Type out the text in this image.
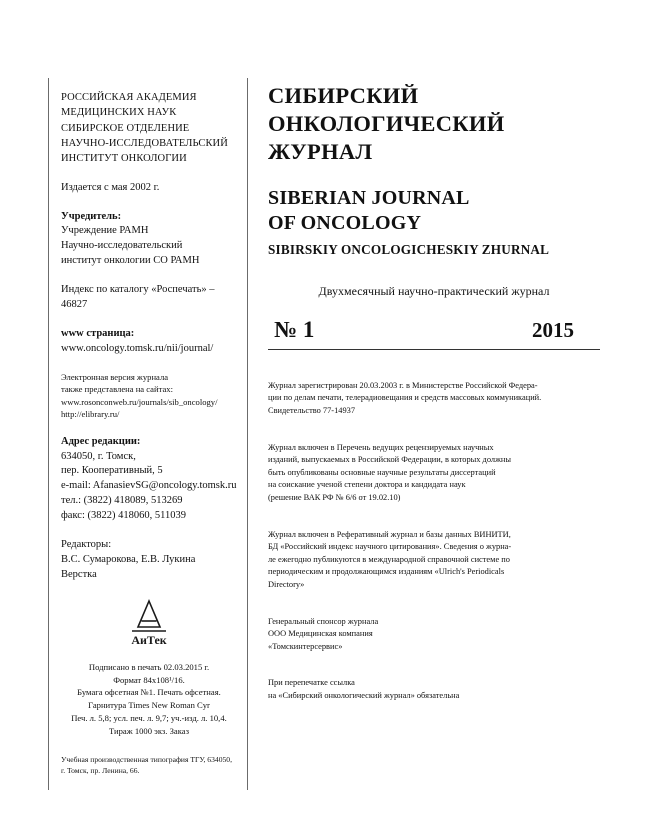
РОССИЙСКАЯ АКАДЕМИЯ
МЕДИЦИНСКИХ НАУК
СИБИРСКОЕ ОТДЕЛЕНИЕ
НАУЧНО-ИССЛЕДОВАТЕЛЬСКИЙ
ИНСТИТУТ ОНКОЛОГИИ
Издается с мая 2002 г.
Учредитель:
Учреждение РАМН
Научно-исследовательский
институт онкологии СО РАМН
Индекс по каталогу «Роспечать» – 46827
www страница:
www.oncology.tomsk.ru/nii/journal/
Электронная версия журнала
также представлена на сайтах:
www.rosonconweb.ru/journals/sib_oncology/
http://elibrary.ru/
Адрес редакции:
634050, г. Томск,
пер. Кооперативный, 5
e-mail: AfanasievSG@oncology.tomsk.ru
тел.: (3822) 418089, 513269
факс: (3822) 418060, 511039
Редакторы:
В.С. Сумарокова, Е.В. Лукина
Верстка
АиТек
Подписано в печать 02.03.2015 г.
Формат 84х108¹/16.
Бумага офсетная №1. Печать офсетная.
Гарнитура Times New Roman Cyr
Печ. л. 5,8; усл. печ. л. 9,7; уч.-изд. л. 10,4.
Тираж 1000 экз. Заказ
Учебная производственная типография ТГУ, 634050,
г. Томск, пр. Ленина, 66.
СИБИРСКИЙ
ОНКОЛОГИЧЕСКИЙ ЖУРНАЛ
SIBERIAN JOURNAL
OF ONCOLOGY
SIBIRSKIY ONCOLOGICHESKIY ZHURNAL
Двухмесячный научно-практический журнал
№ 1	2015

Журнал зарегистрирован 20.03.2003 г. в Министерстве Российской Федера-

ции по делам печати, телерадиовещания и средств массовых коммуникаций.

Свидетельство 77-14937

Журнал включен в Перечень ведущих рецензируемых научных

изданий, выпускаемых в Российской Федерации, в которых должны

быть опубликованы основные научные результаты диссертаций

на соискание ученой степени доктора и кандидата наук

(решение ВАК РФ № 6/6 от 19.02.10)

Журнал включен в Реферативный журнал и базы данных ВИНИТИ,

БД «Российский индекс научного цитирования». Сведения о журна-

ле ежегодно публикуются в международной справочной системе по

периодическим и продолжающимся изданиям «Ulrich's Periodicals

Directory»

Генеральный спонсор журнала

ООО Медицинская компания

«Томскинтерсервис»

При перепечатке ссылка

на «Сибирский онкологический журнал» обязательна
